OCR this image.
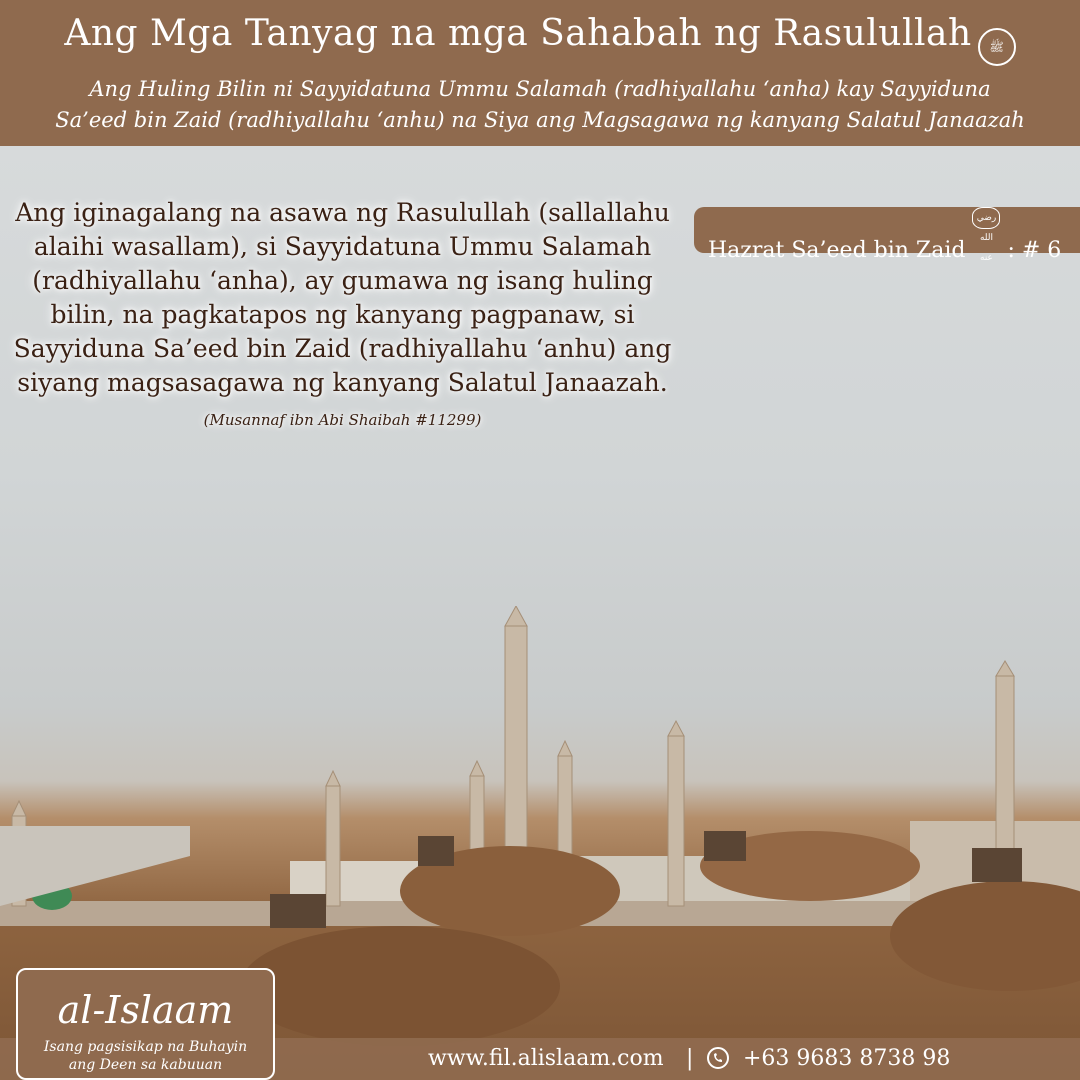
Ang Mga Tanyag na mga Sahabah ng Rasulullah ﷺ
Ang Huling Bilin ni Sayyidatuna Ummu Salamah (radhiyallahu ‘anha) kay Sayyiduna
Sa’eed bin Zaid (radhiyallahu ‘anhu) na Siya ang Magsagawa ng kanyang Salatul Janaazah
Hazrat Sa’eed bin Zaid رضي الله عنه : # 6
Ang iginagalang na asawa ng Rasulullah (sallallahu alaihi wasallam), si Sayyidatuna Ummu Salamah (radhiyallahu ‘anha), ay gumawa ng isang huling bilin, na pagkatapos ng kanyang pagpanaw, si Sayyiduna Sa’eed bin Zaid (radhiyallahu ‘anhu) ang siyang magsasagawa ng kanyang Salatul Janaazah. (Musannaf ibn Abi Shaibah #11299)
www.fil.alislaam.com | +63 9683 8738 98
al-Islaam
Isang pagsisikap na Buhayin
ang Deen sa kabuuan
